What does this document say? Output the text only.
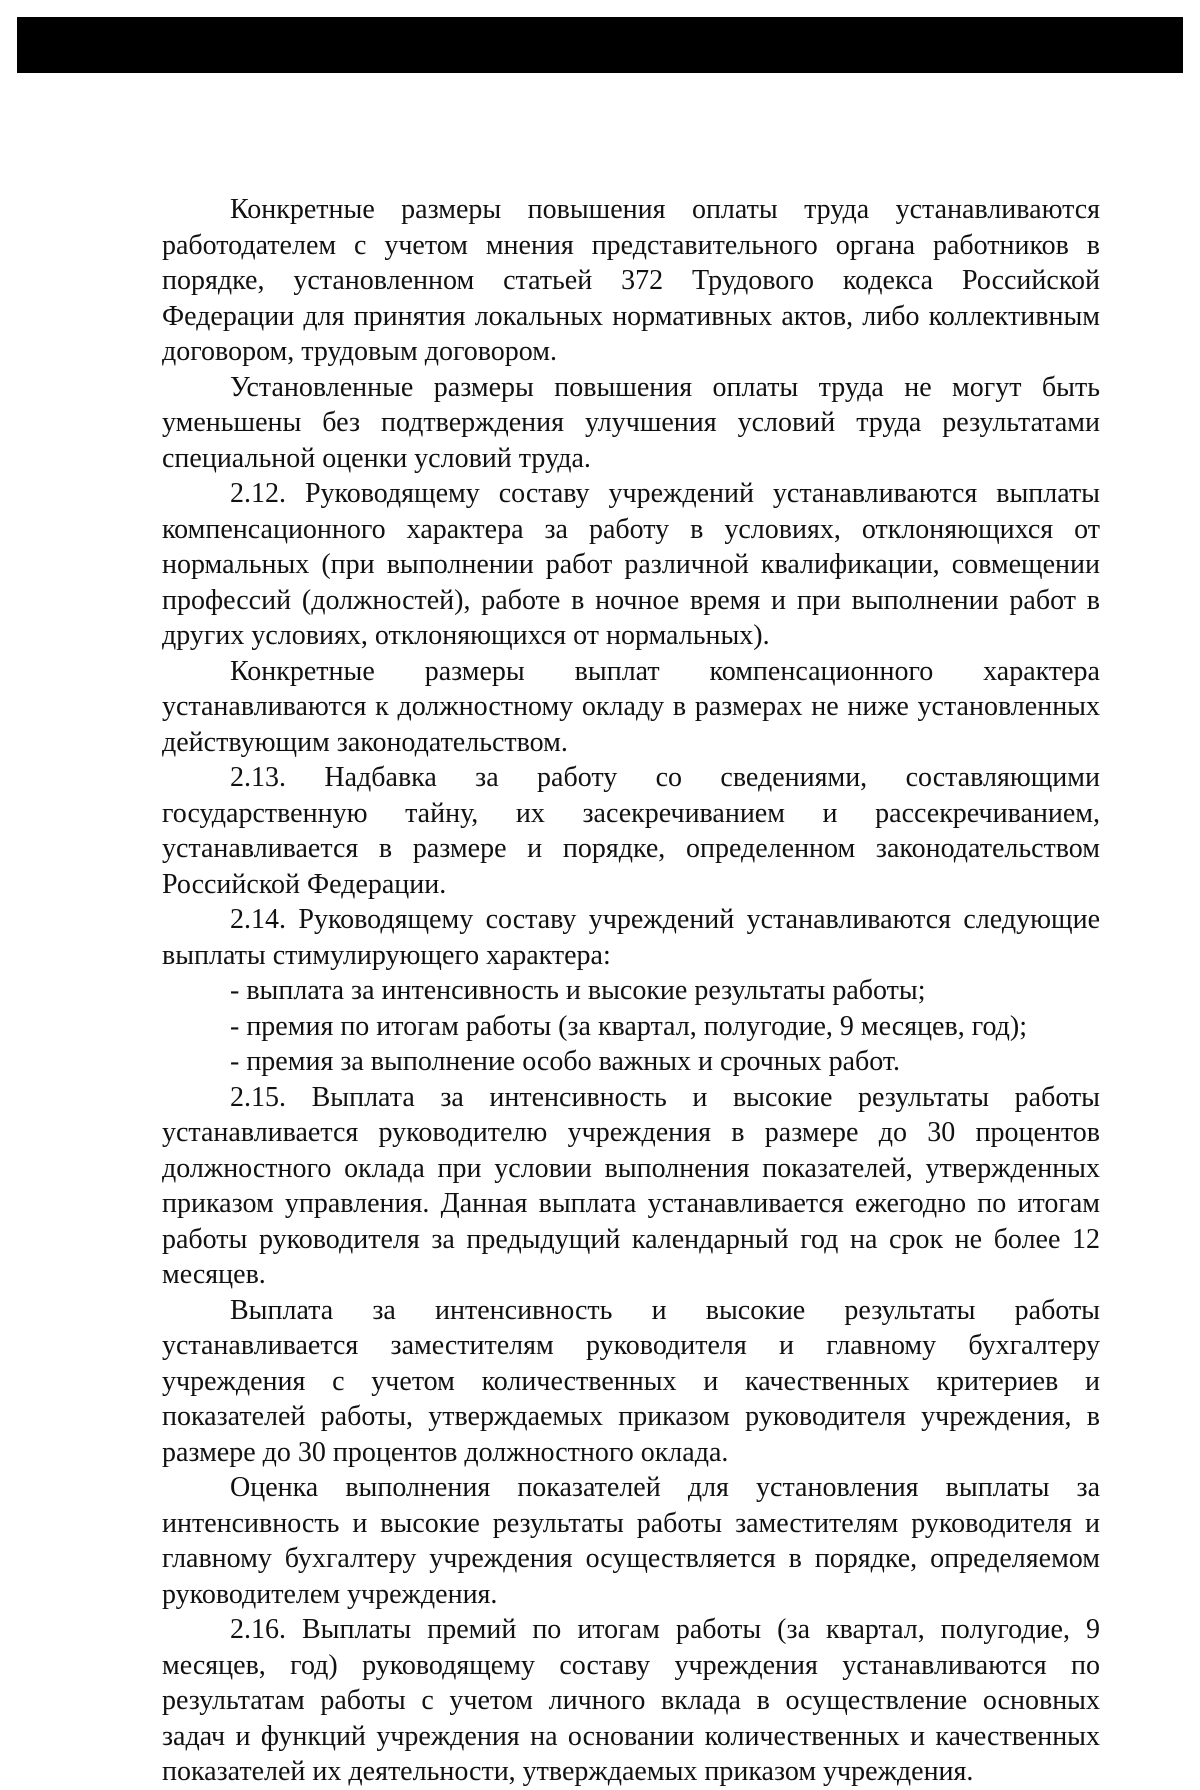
Конкретные размеры повышения оплаты труда устанавливаются работодателем с учетом мнения представительного органа работников в порядке, установленном статьей 372 Трудового кодекса Российской Федерации для принятия локальных нормативных актов, либо коллективным договором, трудовым договором.

Установленные размеры повышения оплаты труда не могут быть уменьшены без подтверждения улучшения условий труда результатами специальной оценки условий труда.

2.12. Руководящему составу учреждений устанавливаются выплаты компенсационного характера за работу в условиях, отклоняющихся от нормальных (при выполнении работ различной квалификации, совмещении профессий (должностей), работе в ночное время и при выполнении работ в других условиях, отклоняющихся от нормальных).

Конкретные размеры выплат компенсационного характера устанавливаются к должностному окладу в размерах не ниже установленных действующим законодательством.

2.13. Надбавка за работу со сведениями, составляющими государственную тайну, их засекречиванием и рассекречиванием, устанавливается в размере и порядке, определенном законодательством Российской Федерации.

2.14. Руководящему составу учреждений устанавливаются следующие выплаты стимулирующего характера:

- выплата за интенсивность и высокие результаты работы;

- премия по итогам работы (за квартал, полугодие, 9 месяцев, год);

- премия за выполнение особо важных и срочных работ.

2.15. Выплата за интенсивность и высокие результаты работы устанавливается руководителю учреждения в размере до 30 процентов должностного оклада при условии выполнения показателей, утвержденных приказом управления. Данная выплата устанавливается ежегодно по итогам работы руководителя за предыдущий календарный год на срок не более 12 месяцев.

Выплата за интенсивность и высокие результаты работы устанавливается заместителям руководителя и главному бухгалтеру учреждения с учетом количественных и качественных критериев и показателей работы, утверждаемых приказом руководителя учреждения, в размере до 30 процентов должностного оклада.

Оценка выполнения показателей для установления выплаты за интенсивность и высокие результаты работы заместителям руководителя и главному бухгалтеру учреждения осуществляется в порядке, определяемом руководителем учреждения.

2.16. Выплаты премий по итогам работы (за квартал, полугодие, 9 месяцев, год) руководящему составу учреждения устанавливаются по результатам работы с учетом личного вклада в осуществление основных задач и функций учреждения на основании количественных и качественных показателей их деятельности, утверждаемых приказом учреждения.
